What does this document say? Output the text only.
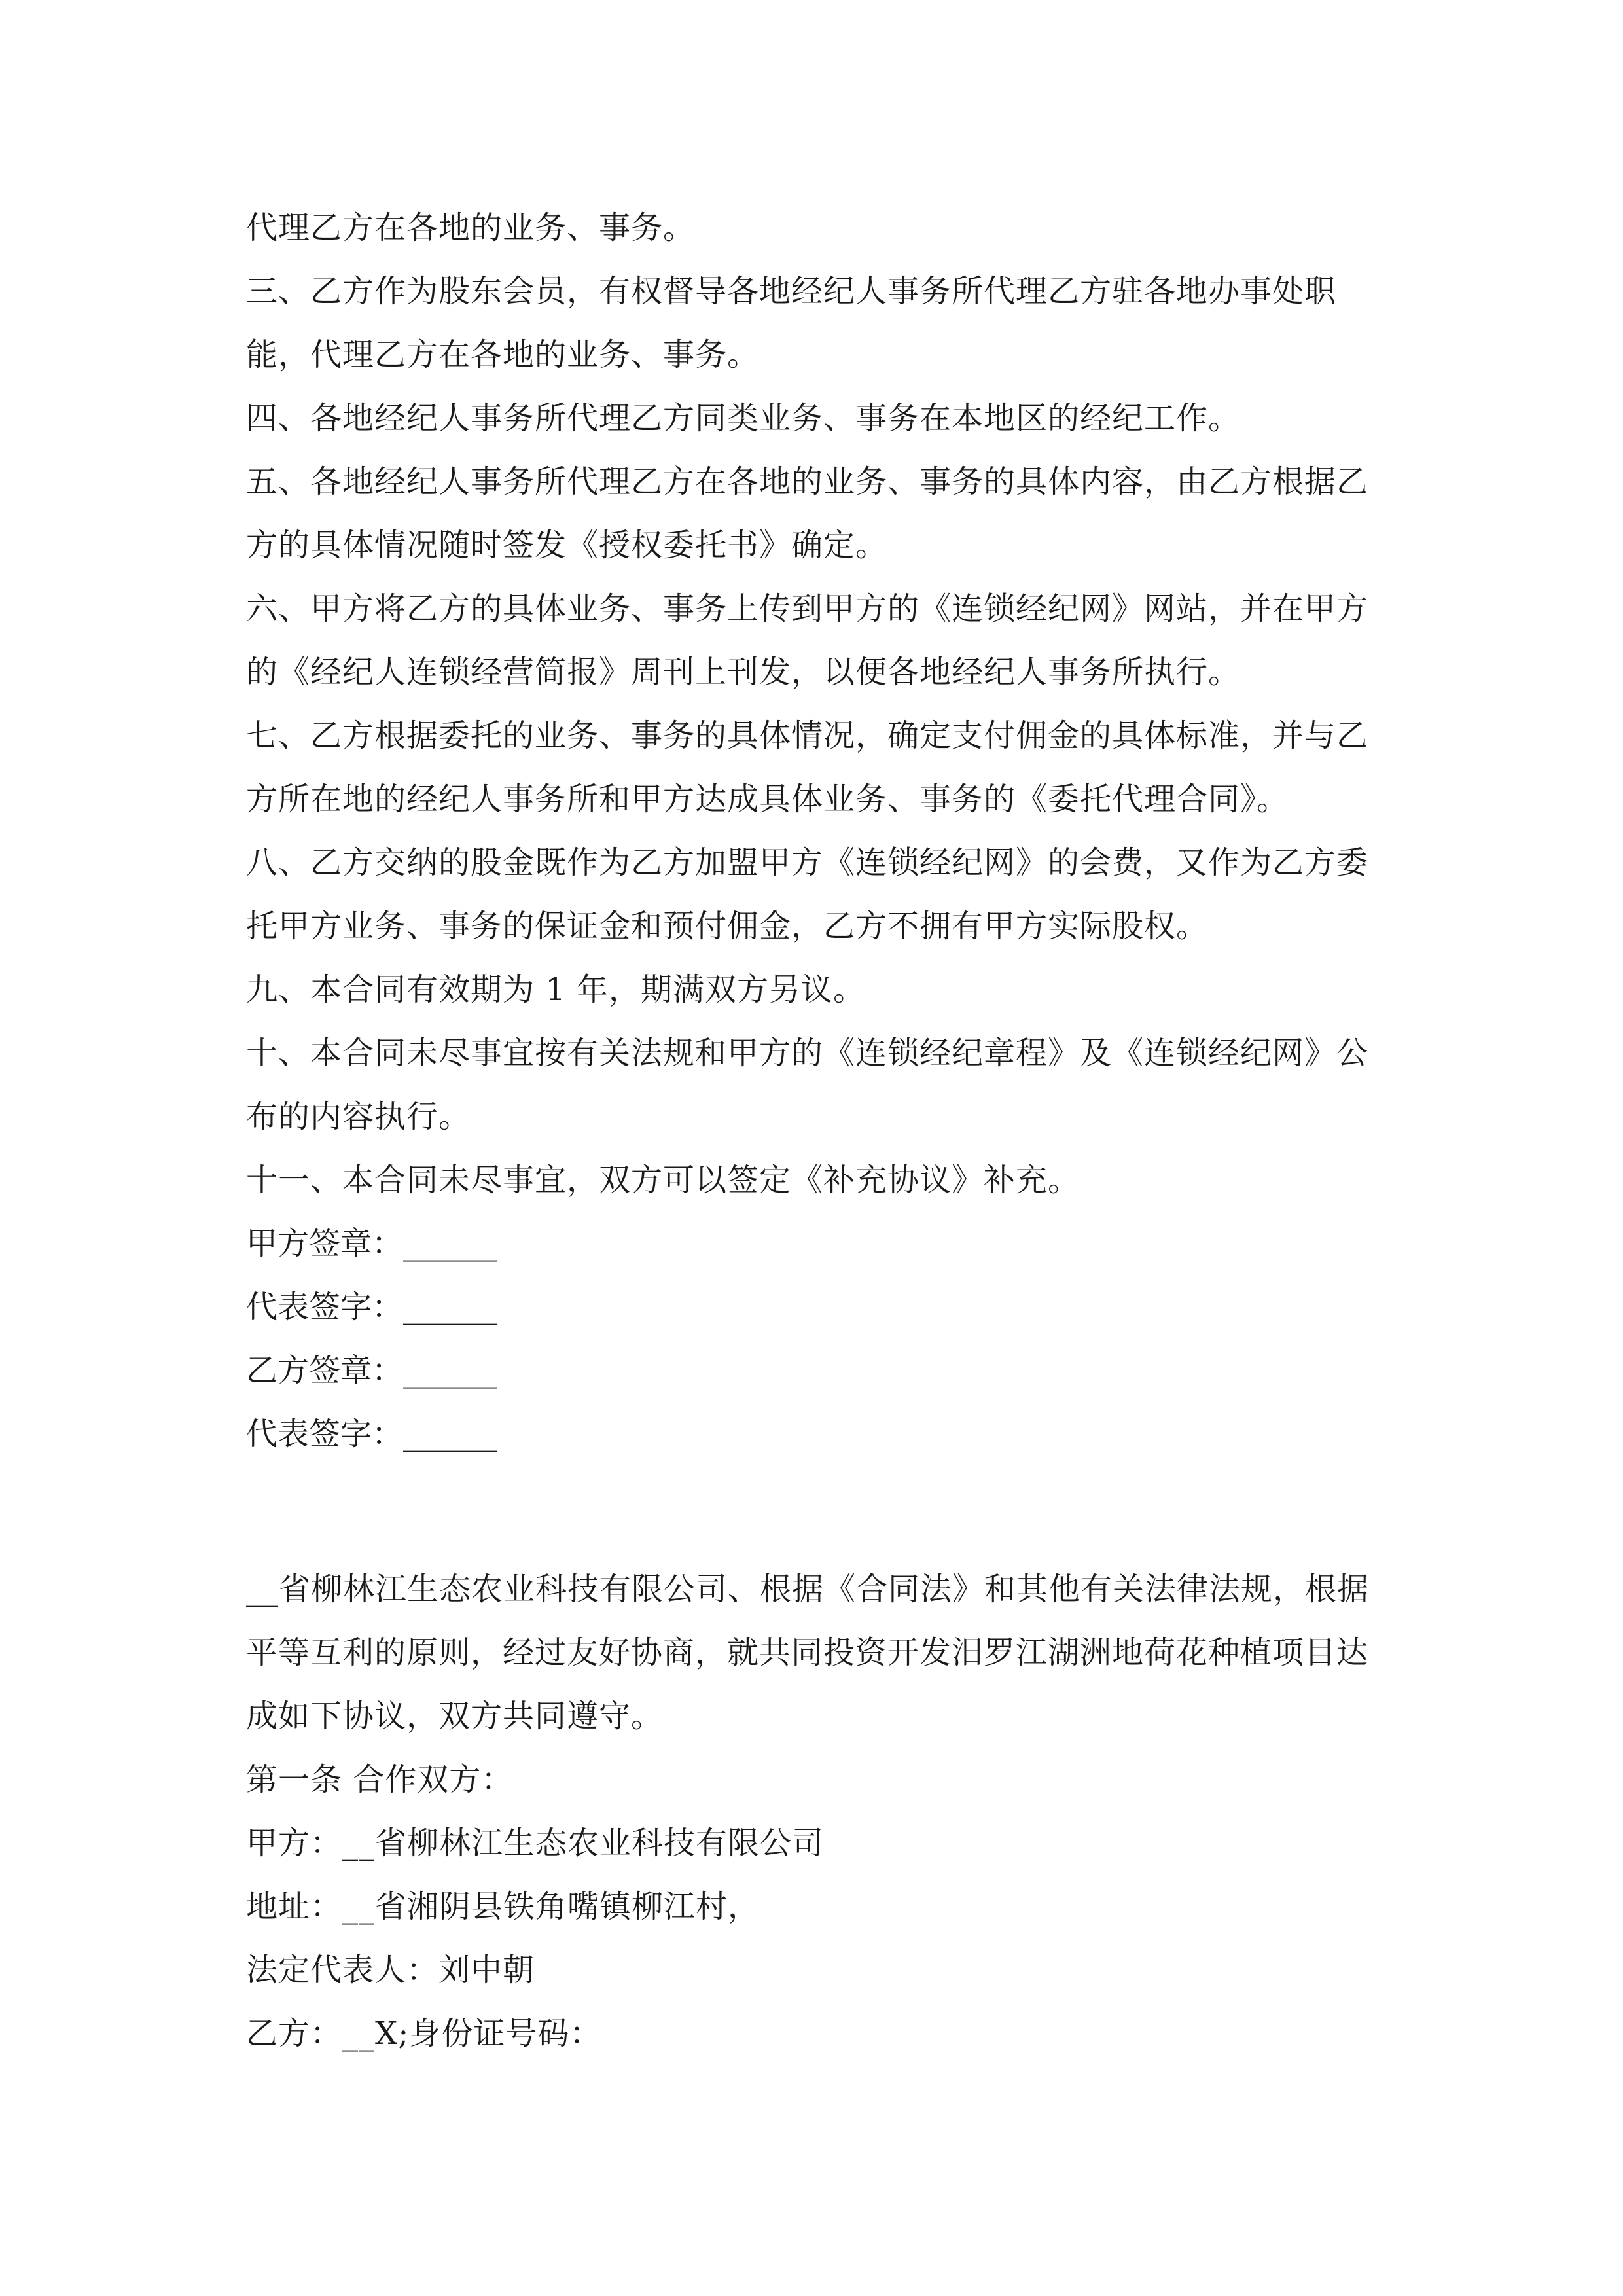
代理乙方在各地的业务、事务。

三、乙方作为股东会员，有权督导各地经纪人事务所代理乙方驻各地办事处职能，代理乙方在各地的业务、事务。

四、各地经纪人事务所代理乙方同类业务、事务在本地区的经纪工作。

五、各地经纪人事务所代理乙方在各地的业务、事务的具体内容，由乙方根据乙方的具体情况随时签发《授权委托书》确定。

六、甲方将乙方的具体业务、事务上传到甲方的《连锁经纪网》网站，并在甲方的《经纪人连锁经营简报》周刊上刊发，以便各地经纪人事务所执行。

七、乙方根据委托的业务、事务的具体情况，确定支付佣金的具体标准，并与乙方所在地的经纪人事务所和甲方达成具体业务、事务的《委托代理合同》。

八、乙方交纳的股金既作为乙方加盟甲方《连锁经纪网》的会费，又作为乙方委托甲方业务、事务的保证金和预付佣金，乙方不拥有甲方实际股权。

九、本合同有效期为 1 年，期满双方另议。

十、本合同未尽事宜按有关法规和甲方的《连锁经纪章程》及《连锁经纪网》公布的内容执行。

十一、本合同未尽事宜，双方可以签定《补充协议》补充。

甲方签章：______

代表签字：______

乙方签章：______

代表签字：______

__省柳林江生态农业科技有限公司、根据《合同法》和其他有关法律法规，根据平等互利的原则，经过友好协商，就共同投资开发汨罗江湖洲地荷花种植项目达成如下协议，双方共同遵守。

第一条 合作双方：

甲方：__省柳林江生态农业科技有限公司

地址：__省湘阴县铁角嘴镇柳江村，

法定代表人：刘中朝

乙方：__X;身份证号码：
